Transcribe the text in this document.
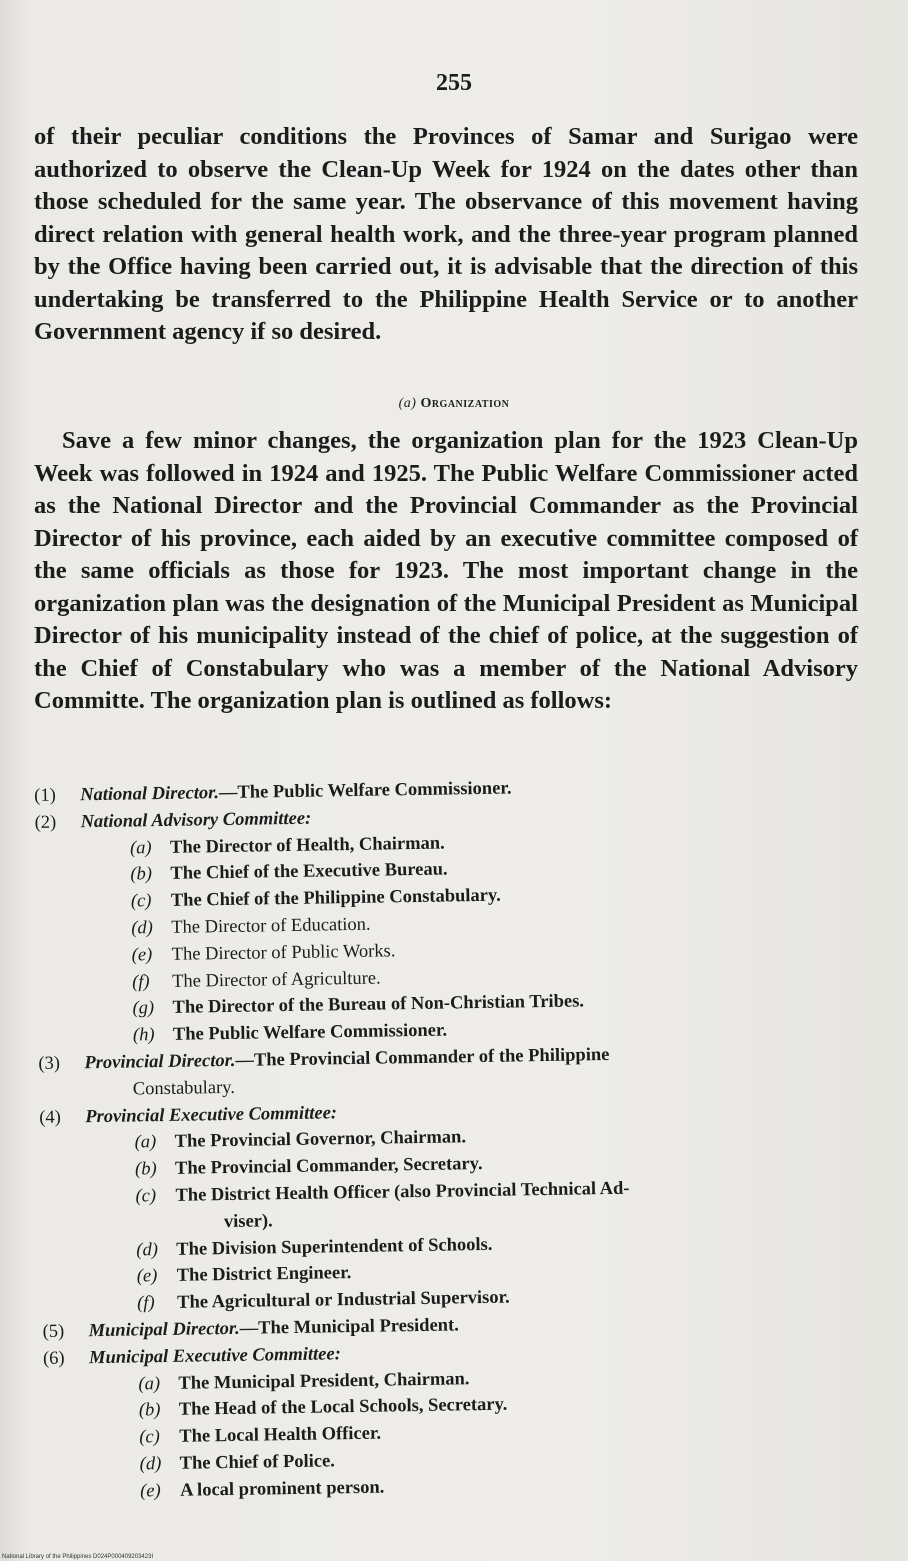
255

of their peculiar conditions the Provinces of Samar and Surigao were authorized to observe the Clean-Up Week for 1924 on the dates other than those scheduled for the same year. The observance of this movement having direct relation with general health work, and the three-year program planned by the Office having been carried out, it is advisable that the direction of this undertaking be transferred to the Philippine Health Service or to another Government agency if so desired.

(a) Organization

Save a few minor changes, the organization plan for the 1923 Clean-Up Week was followed in 1924 and 1925. The Public Welfare Commissioner acted as the National Director and the Provincial Commander as the Provincial Director of his province, each aided by an executive committee composed of the same officials as those for 1923. The most important change in the organization plan was the designation of the Municipal President as Municipal Director of his municipality instead of the chief of police, at the suggestion of the Chief of Constabulary who was a member of the National Advisory Committe. The organization plan is outlined as follows:

(1) National Director.—The Public Welfare Commissioner.
(2) National Advisory Committee:
(a) The Director of Health, Chairman.
(b) The Chief of the Executive Bureau.
(c) The Chief of the Philippine Constabulary.
(d) The Director of Education.
(e) The Director of Public Works.
(f) The Director of Agriculture.
(g) The Director of the Bureau of Non-Christian Tribes.
(h) The Public Welfare Commissioner.
(3) Provincial Director.—The Provincial Commander of the Philippine
Constabulary.
(4) Provincial Executive Committee:
(a) The Provincial Governor, Chairman.
(b) The Provincial Commander, Secretary.
(c) The District Health Officer (also Provincial Technical Ad-
viser).
(d) The Division Superintendent of Schools.
(e) The District Engineer.
(f) The Agricultural or Industrial Supervisor.
(5) Municipal Director.—The Municipal President.
(6) Municipal Executive Committee:
(a) The Municipal President, Chairman.
(b) The Head of the Local Schools, Secretary.
(c) The Local Health Officer.
(d) The Chief of Police.
(e) A local prominent person.
National Library of the Philippines D024P000409203423I
